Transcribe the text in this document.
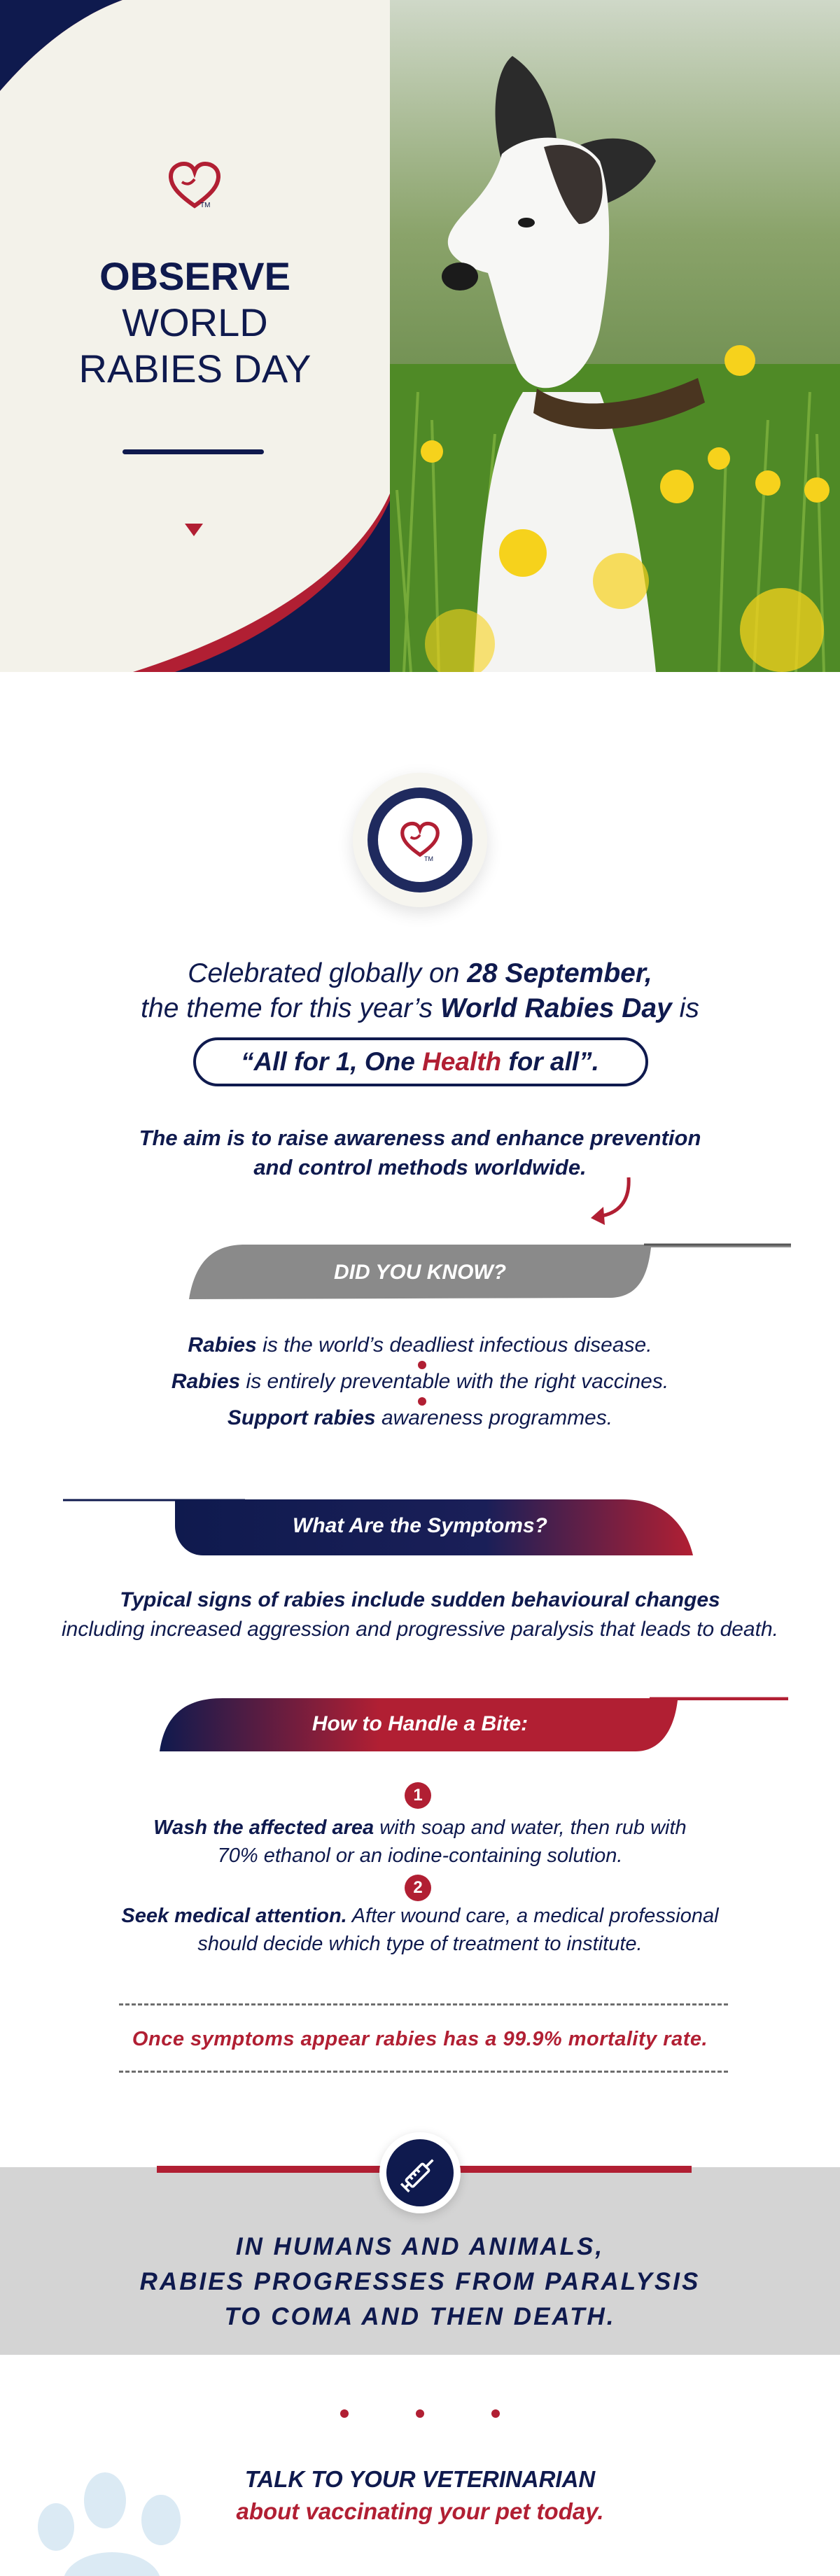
TM
OBSERVE
WORLD
RABIES DAY
TM
Celebrated globally on 28 September,
the theme for this year’s World Rabies Day is
“All for 1, One Health for all”.
The aim is to raise awareness and enhance prevention
and control methods worldwide.
DID YOU KNOW?
Rabies is the world’s deadliest infectious disease.
Rabies is entirely preventable with the right vaccines.
Support rabies awareness programmes.
What Are the Symptoms?
Typical signs of rabies include sudden behavioural changes
including increased aggression and progressive paralysis that leads to death.
How to Handle a Bite:
1
Wash the affected area with soap and water, then rub with
70% ethanol or an iodine-containing solution.
2
Seek medical attention. After wound care, a medical professional
should decide which type of treatment to institute.
Once symptoms appear rabies has a 99.9% mortality rate.
IN HUMANS AND ANIMALS,
RABIES PROGRESSES FROM PARALYSIS
TO COMA AND THEN DEATH.
TALK TO YOUR VETERINARIAN
about vaccinating your pet today.
